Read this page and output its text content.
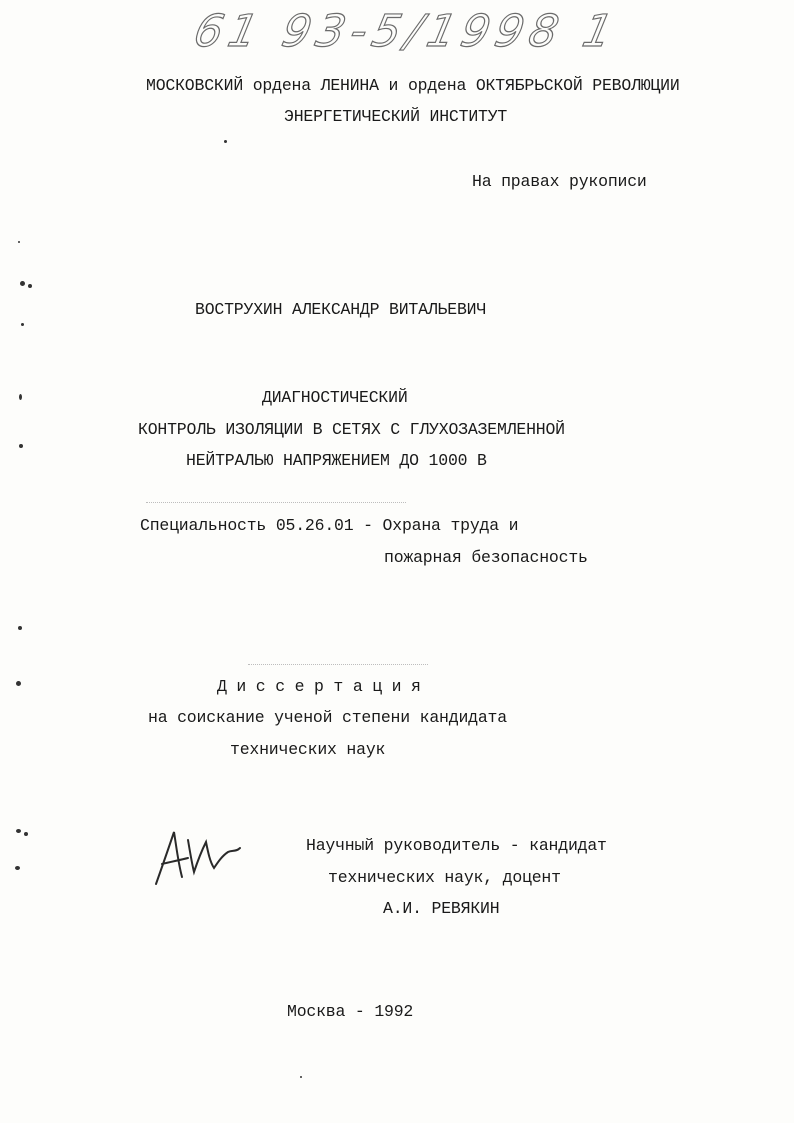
61 93-5/1998 1
МОСКОВСКИЙ ордена ЛЕНИНА и ордена ОКТЯБРЬСКОЙ РЕВОЛЮЦИИ
ЭНЕРГЕТИЧЕСКИЙ ИНСТИТУТ
На правах рукописи
ВОСТРУХИН АЛЕКСАНДР ВИТАЛЬЕВИЧ
ДИАГНОСТИЧЕСКИЙ
КОНТРОЛЬ ИЗОЛЯЦИИ В СЕТЯХ С ГЛУХОЗАЗЕМЛЕННОЙ
НЕЙТРАЛЬЮ НАПРЯЖЕНИЕМ ДО 1000 В
Специальность 05.26.01 - Охрана труда и
пожарная безопасность
Д и с с е р т а ц и я
на соискание ученой степени кандидата
технических наук
Научный руководитель - кандидат
технических наук, доцент
А.И. РЕВЯКИН
Москва - 1992
